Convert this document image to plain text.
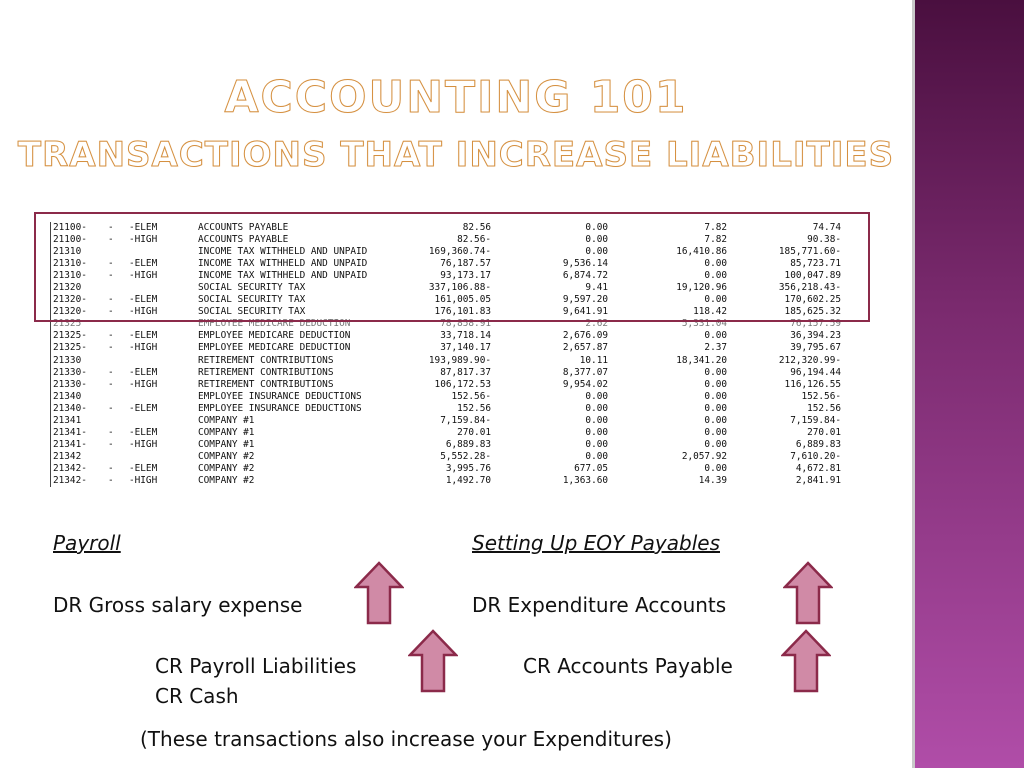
ACCOUNTING 101
TRANSACTIONS THAT INCREASE LIABILITIES
21100- - -ELEM	ACCOUNTS PAYABLE	82.56	0.00	7.82	74.74
21100- - -HIGH	ACCOUNTS PAYABLE	82.56-	0.00	7.82	90.38-
21310	INCOME TAX WITHHELD AND UNPAID	169,360.74-	0.00	16,410.86	185,771.60-
21310- - -ELEM	INCOME TAX WITHHELD AND UNPAID	76,187.57	9,536.14	0.00	85,723.71
21310- - -HIGH	INCOME TAX WITHHELD AND UNPAID	93,173.17	6,874.72	0.00	100,047.89
21320	SOCIAL SECURITY TAX	337,106.88-	9.41	19,120.96	356,218.43-
21320- - -ELEM	SOCIAL SECURITY TAX	161,005.05	9,597.20	0.00	170,602.25
21320- - -HIGH	SOCIAL SECURITY TAX	176,101.83	9,641.91	118.42	185,625.32
21325	EMPLOYEE MEDICARE DEDUCTION	78,858.91	2.62	5,331.04	76,157.59
21325- - -ELEM	EMPLOYEE MEDICARE DEDUCTION	33,718.14	2,676.09	0.00	36,394.23
21325- - -HIGH	EMPLOYEE MEDICARE DEDUCTION	37,140.17	2,657.87	2.37	39,795.67
21330	RETIREMENT CONTRIBUTIONS	193,989.90-	10.11	18,341.20	212,320.99-
21330- - -ELEM	RETIREMENT CONTRIBUTIONS	87,817.37	8,377.07	0.00	96,194.44
21330- - -HIGH	RETIREMENT CONTRIBUTIONS	106,172.53	9,954.02	0.00	116,126.55
21340	EMPLOYEE INSURANCE DEDUCTIONS	152.56-	0.00	0.00	152.56-
21340- - -ELEM	EMPLOYEE INSURANCE DEDUCTIONS	152.56	0.00	0.00	152.56
21341	COMPANY #1	7,159.84-	0.00	0.00	7,159.84-
21341- - -ELEM	COMPANY #1	270.01	0.00	0.00	270.01
21341- - -HIGH	COMPANY #1	6,889.83	0.00	0.00	6,889.83
21342	COMPANY #2	5,552.28-	0.00	2,057.92	7,610.20-
21342- - -ELEM	COMPANY #2	3,995.76	677.05	0.00	4,672.81
21342- - -HIGH	COMPANY #2	1,492.70	1,363.60	14.39	2,841.91
Payroll
DR Gross salary expense
CR Payroll Liabilities
CR Cash
Setting Up EOY Payables
DR Expenditure Accounts
CR Accounts Payable
(These transactions also increase your Expenditures)
